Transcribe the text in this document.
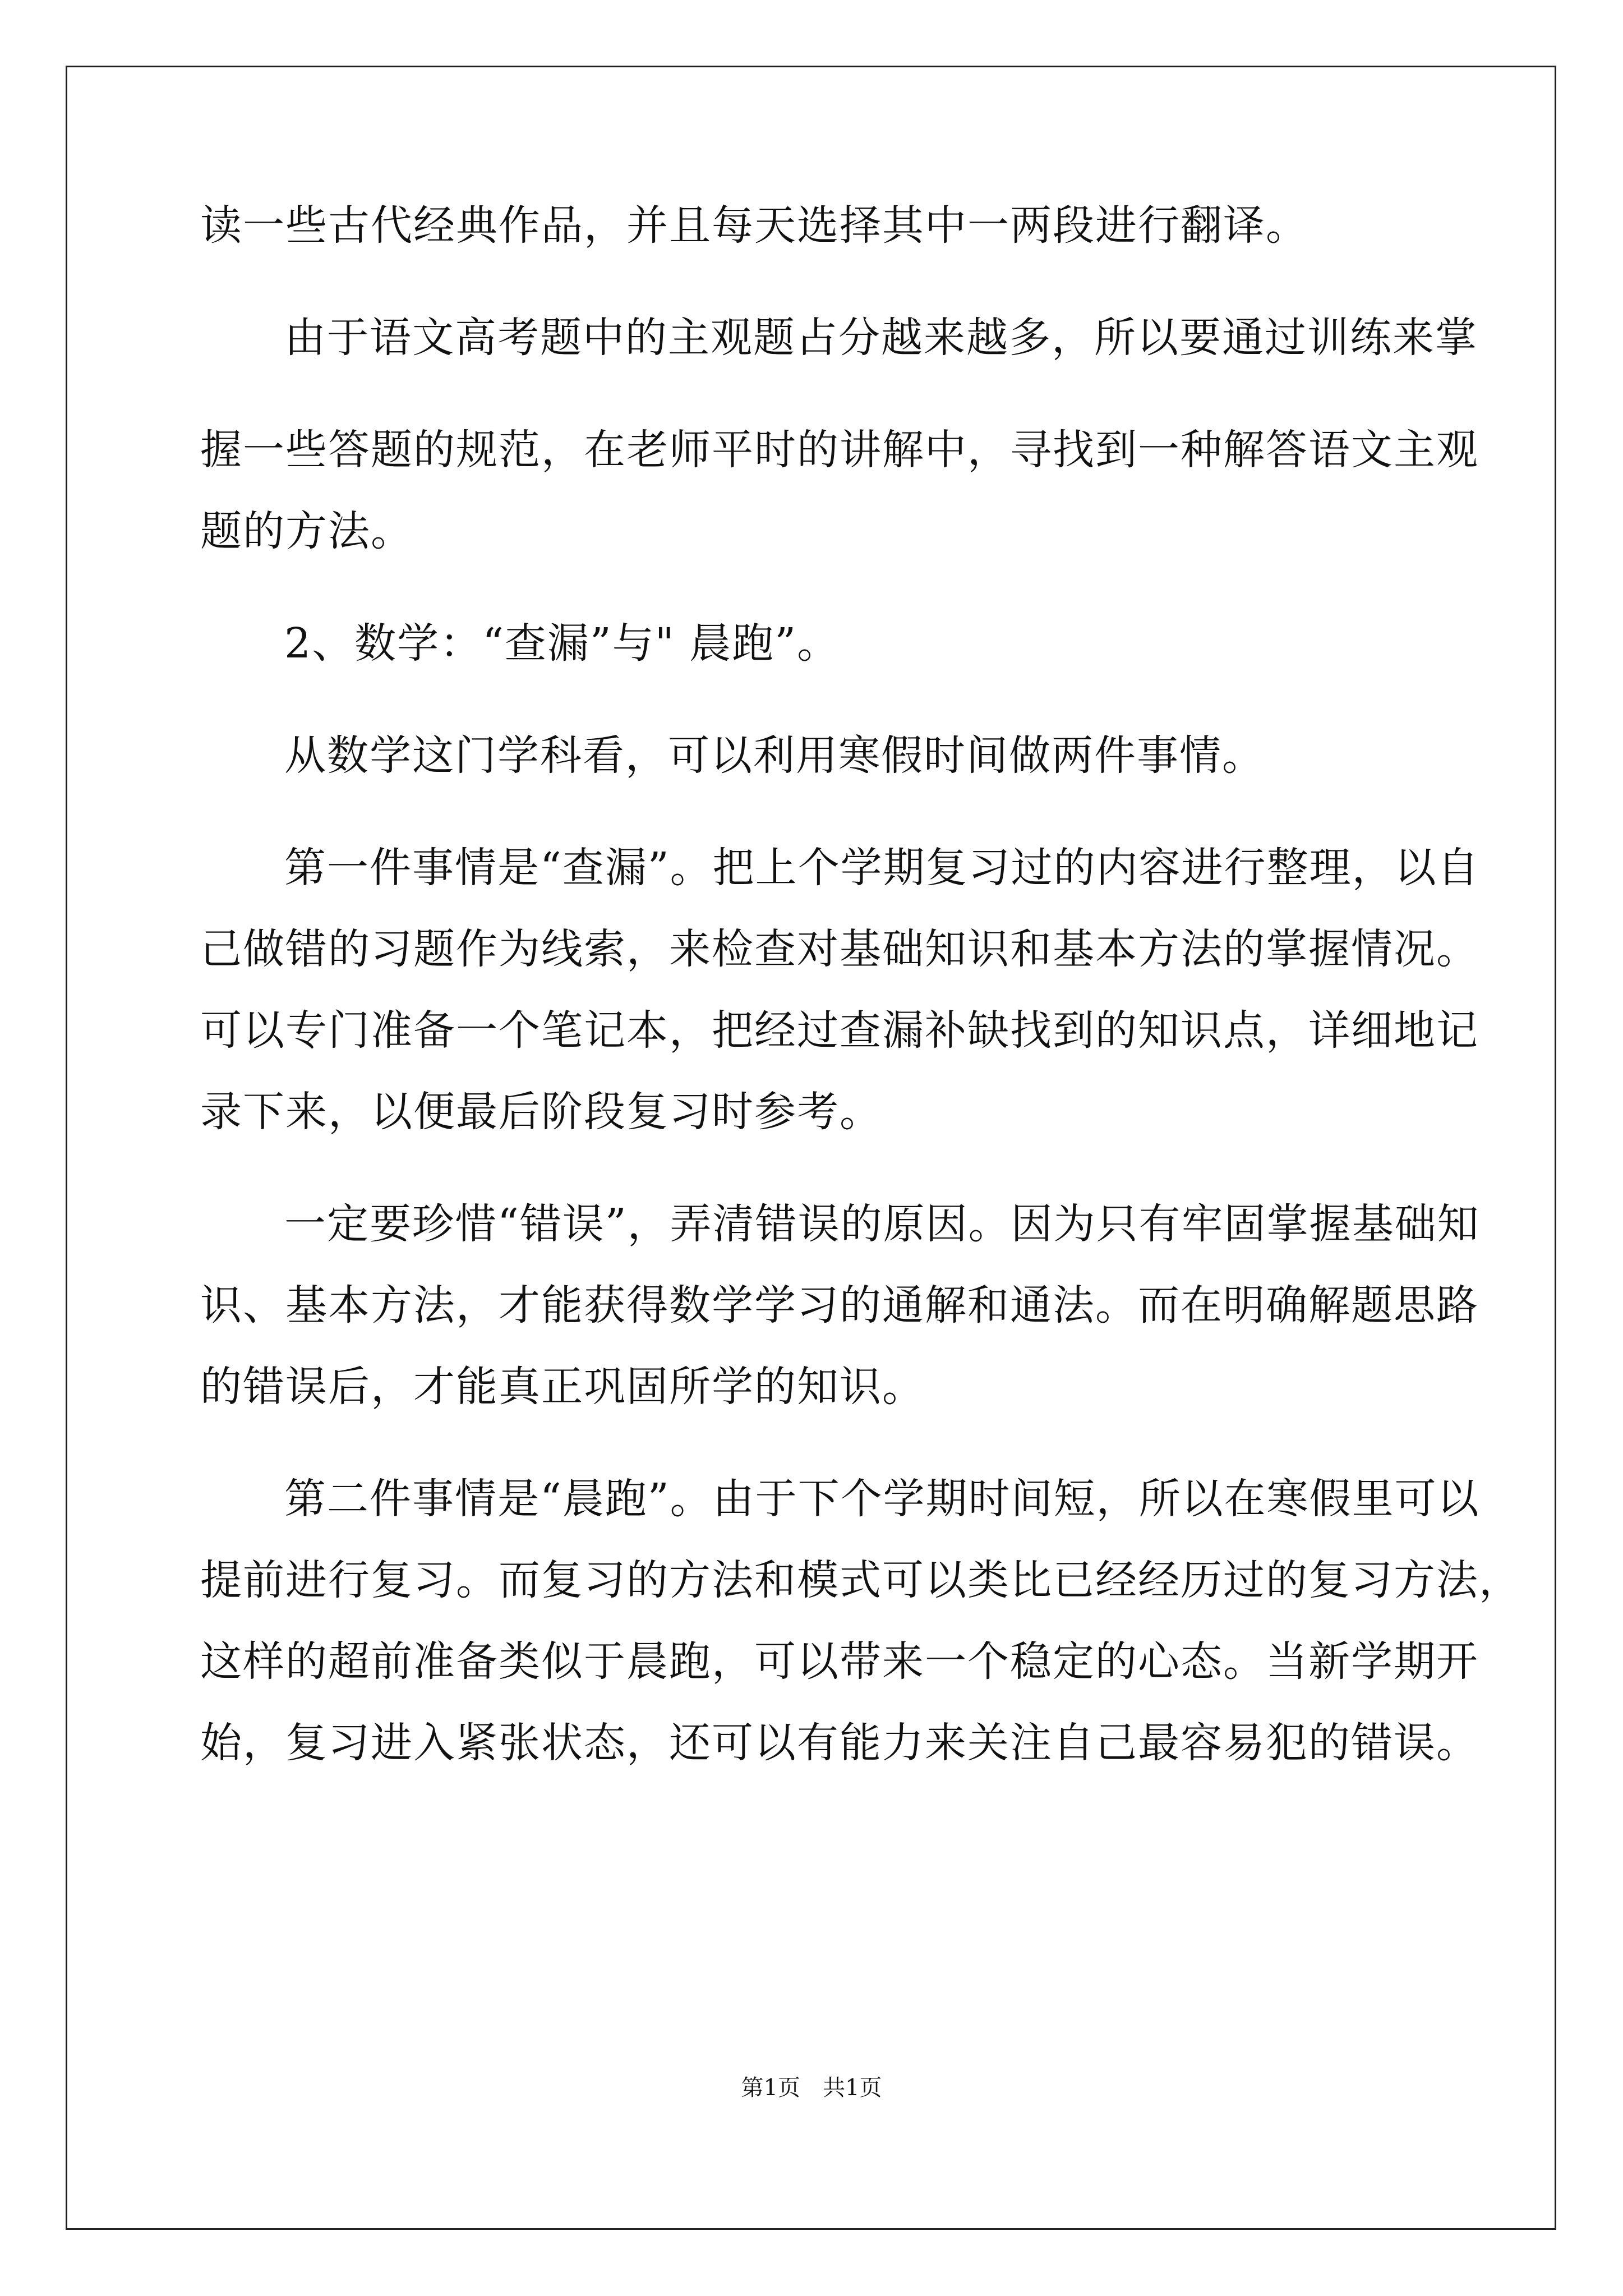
读一些古代经典作品，并且每天选择其中一两段进行翻译。
由于语文高考题中的主观题占分越来越多，所以要通过训练来掌
握一些答题的规范，在老师平时的讲解中，寻找到一种解答语文主观
题的方法。
2、数学：“查漏”与" 晨跑”。
从数学这门学科看，可以利用寒假时间做两件事情。
第一件事情是“查漏”。把上个学期复习过的内容进行整理，以自
己做错的习题作为线索，来检查对基础知识和基本方法的掌握情况。
可以专门准备一个笔记本，把经过查漏补缺找到的知识点，详细地记
录下来，以便最后阶段复习时参考。
一定要珍惜“错误”，弄清错误的原因。因为只有牢固掌握基础知
识、基本方法，才能获得数学学习的通解和通法。而在明确解题思路
的错误后，才能真正巩固所学的知识。
第二件事情是“晨跑”。由于下个学期时间短，所以在寒假里可以
提前进行复习。而复习的方法和模式可以类比已经经历过的复习方法，
这样的超前准备类似于晨跑，可以带来一个稳定的心态。当新学期开
始，复习进入紧张状态，还可以有能力来关注自己最容易犯的错误。
第1页 共1页
